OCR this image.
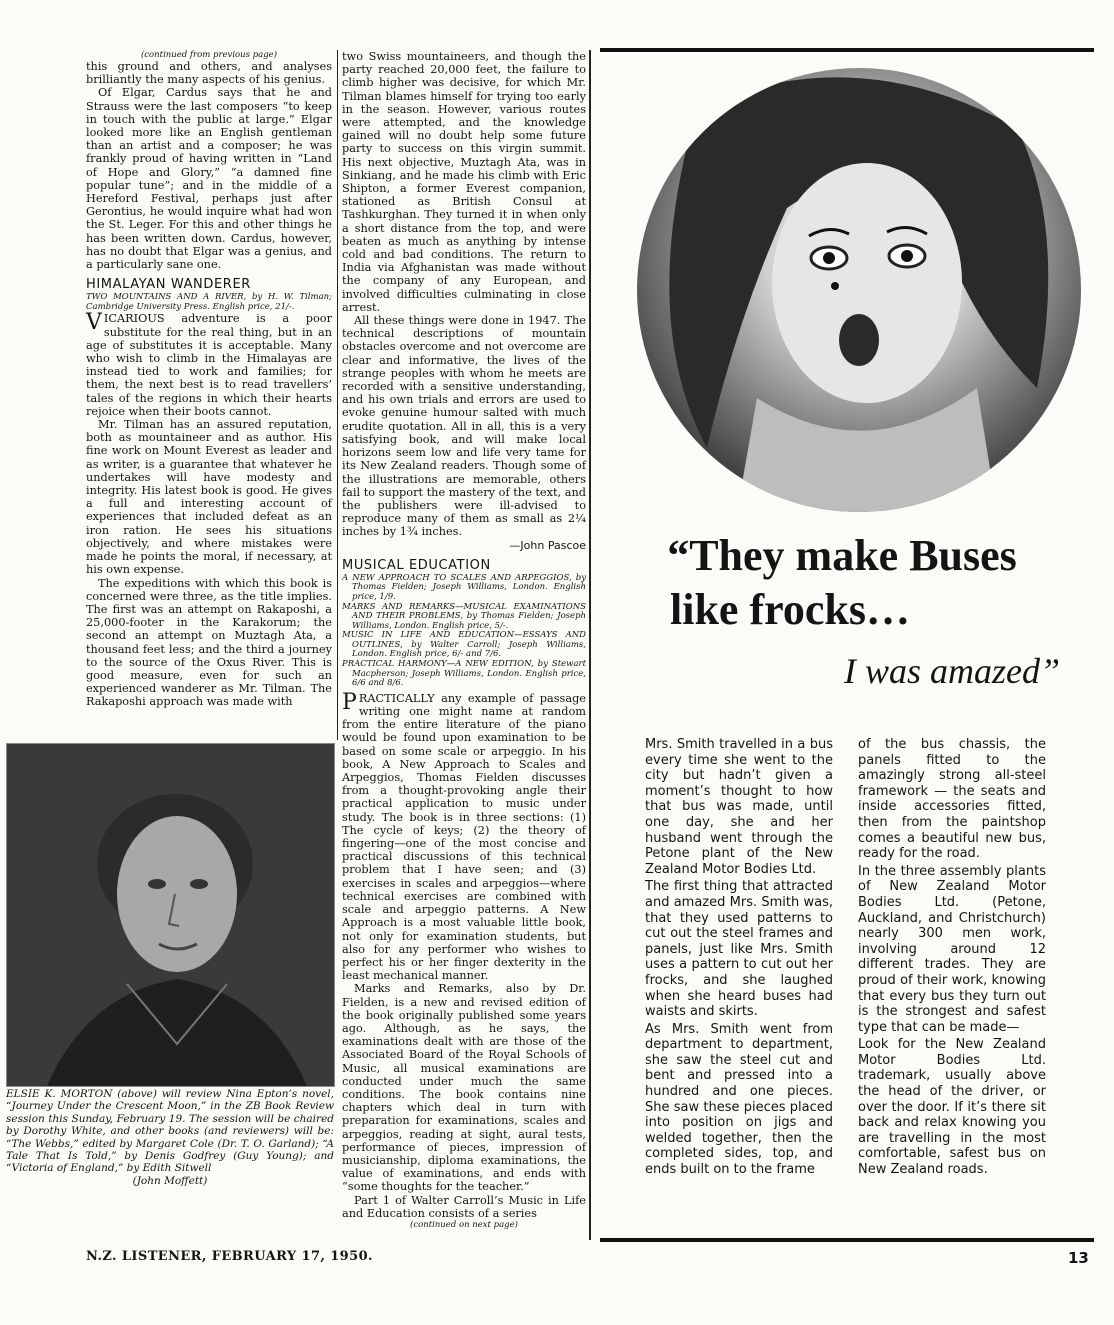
(continued from previous page)

this ground and others, and analyses brilliantly the many aspects of his genius.

Of Elgar, Cardus says that he and Strauss were the last composers “to keep in touch with the public at large.” Elgar looked more like an English gentleman than an artist and a composer; he was frankly proud of having written in “Land of Hope and Glory,” “a damned fine popular tune”; and in the middle of a Hereford Festival, perhaps just after Gerontius, he would inquire what had won the St. Leger. For this and other things he has been written down. Cardus, however, has no doubt that Elgar was a genius, and a particularly sane one.

HIMALAYAN WANDERER

TWO MOUNTAINS AND A RIVER, by H. W. Tilman; Cambridge University Press. English price, 21/-.

VICARIOUS adventure is a poor substitute for the real thing, but in an age of substitutes it is acceptable. Many who wish to climb in the Himalayas are instead tied to work and families; for them, the next best is to read travellers’ tales of the regions in which their hearts rejoice when their boots cannot.

Mr. Tilman has an assured reputation, both as mountaineer and as author. His fine work on Mount Everest as leader and as writer, is a guarantee that whatever he undertakes will have modesty and integrity. His latest book is good. He gives a full and interesting account of experiences that included defeat as an iron ration. He sees his situations objectively, and where mistakes were made he points the moral, if necessary, at his own expense.

The expeditions with which this book is concerned were three, as the title implies. The first was an attempt on Rakaposhi, a 25,000-footer in the Karakorum; the second an attempt on Muztagh Ata, a thousand feet less; and the third a journey to the source of the Oxus River. This is good measure, even for such an experienced wanderer as Mr. Tilman. The Rakaposhi approach was made with

two Swiss mountaineers, and though the party reached 20,000 feet, the failure to climb higher was decisive, for which Mr. Tilman blames himself for trying too early in the season. However, various routes were attempted, and the knowledge gained will no doubt help some future party to success on this virgin summit. His next objective, Muztagh Ata, was in Sinkiang, and he made his climb with Eric Shipton, a former Everest companion, stationed as British Consul at Tashkurghan. They turned it in when only a short distance from the top, and were beaten as much as anything by intense cold and bad conditions. The return to India via Afghanistan was made without the company of any European, and involved difficulties culminating in close arrest.

All these things were done in 1947. The technical descriptions of mountain obstacles overcome and not overcome are clear and informative, the lives of the strange peoples with whom he meets are recorded with a sensitive understanding, and his own trials and errors are used to evoke genuine humour salted with much erudite quotation. All in all, this is a very satisfying book, and will make local horizons seem low and life very tame for its New Zealand readers. Though some of the illustrations are memorable, others fail to support the mastery of the text, and the publishers were ill-advised to reproduce many of them as small as 2¼ inches by 1¾ inches.

—John Pascoe

MUSICAL EDUCATION
A NEW APPROACH TO SCALES AND ARPEGGIOS, by Thomas Fielden; Joseph Williams, London. English price, 1/9.
MARKS AND REMARKS—MUSICAL EXAMINATIONS AND THEIR PROBLEMS, by Thomas Fielden; Joseph Williams, London. English price, 5/-.
MUSIC IN LIFE AND EDUCATION—ESSAYS AND OUTLINES, by Walter Carroll; Joseph Williams, London. English price, 6/- and 7/6.
PRACTICAL HARMONY—A NEW EDITION, by Stewart Macpherson; Joseph Williams, London. English price, 6/6 and 8/6.

PRACTICALLY any example of passage writing one might name at random from the entire literature of the piano would be found upon examination to be based on some scale or arpeggio. In his book, A New Approach to Scales and Arpeggios, Thomas Fielden discusses from a thought-provoking angle their practical application to music under study. The book is in three sections: (1) The cycle of keys; (2) the theory of fingering—one of the most concise and practical discussions of this technical problem that I have seen; and (3) exercises in scales and arpeggios—where technical exercises are combined with scale and arpeggio patterns. A New Approach is a most valuable little book, not only for examination students, but also for any performer who wishes to perfect his or her finger dexterity in the least mechanical manner.

Marks and Remarks, also by Dr. Fielden, is a new and revised edition of the book originally published some years ago. Although, as he says, the examinations dealt with are those of the Associated Board of the Royal Schools of Music, all musical examinations are conducted under much the same conditions. The book contains nine chapters which deal in turn with preparation for examinations, scales and arpeggios, reading at sight, aural tests, performance of pieces, impression of musicianship, diploma examinations, the value of examinations, and ends with “some thoughts for the teacher.”

Part 1 of Walter Carroll’s Music in Life and Education consists of a series

(continued on next page)

ELSIE K. MORTON (above) will review Nina Epton’s novel, “Journey Under the Crescent Moon,” in the ZB Book Review session this Sunday, February 19. The session will be chaired by Dorothy White, and other books (and reviewers) will be: “The Webbs,” edited by Margaret Cole (Dr. T. O. Garland); “A Tale That Is Told,” by Denis Godfrey (Guy Young); and “Victoria of England,” by Edith Sitwell
(John Moffett)
“They make Buses
like frocks…
I was amazed”

Mrs. Smith travelled in a bus every time she went to the city but hadn’t given a moment’s thought to how that bus was made, until one day, she and her husband went through the Petone plant of the New Zealand Motor Bodies Ltd.

The first thing that attracted and amazed Mrs. Smith was, that they used patterns to cut out the steel frames and panels, just like Mrs. Smith uses a pattern to cut out her frocks, and she laughed when she heard buses had waists and skirts.

As Mrs. Smith went from department to department, she saw the steel cut and bent and pressed into a hundred and one pieces. She saw these pieces placed into position on jigs and welded together, then the completed sides, top, and ends built on to the frame

of the bus chassis, the panels fitted to the amazingly strong all-steel framework — the seats and inside accessories fitted, then from the paintshop comes a beautiful new bus, ready for the road.

In the three assembly plants of New Zealand Motor Bodies Ltd. (Petone, Auckland, and Christchurch) nearly 300 men work, involving around 12 different trades. They are proud of their work, knowing that every bus they turn out is the strongest and safest type that can be made—

Look for the New Zealand Motor Bodies Ltd. trademark, usually above the head of the driver, or over the door. If it’s there sit back and relax knowing you are travelling in the most comfortable, safest bus on New Zealand roads.

N.Z. LISTENER, FEBRUARY 17, 1950.	13
